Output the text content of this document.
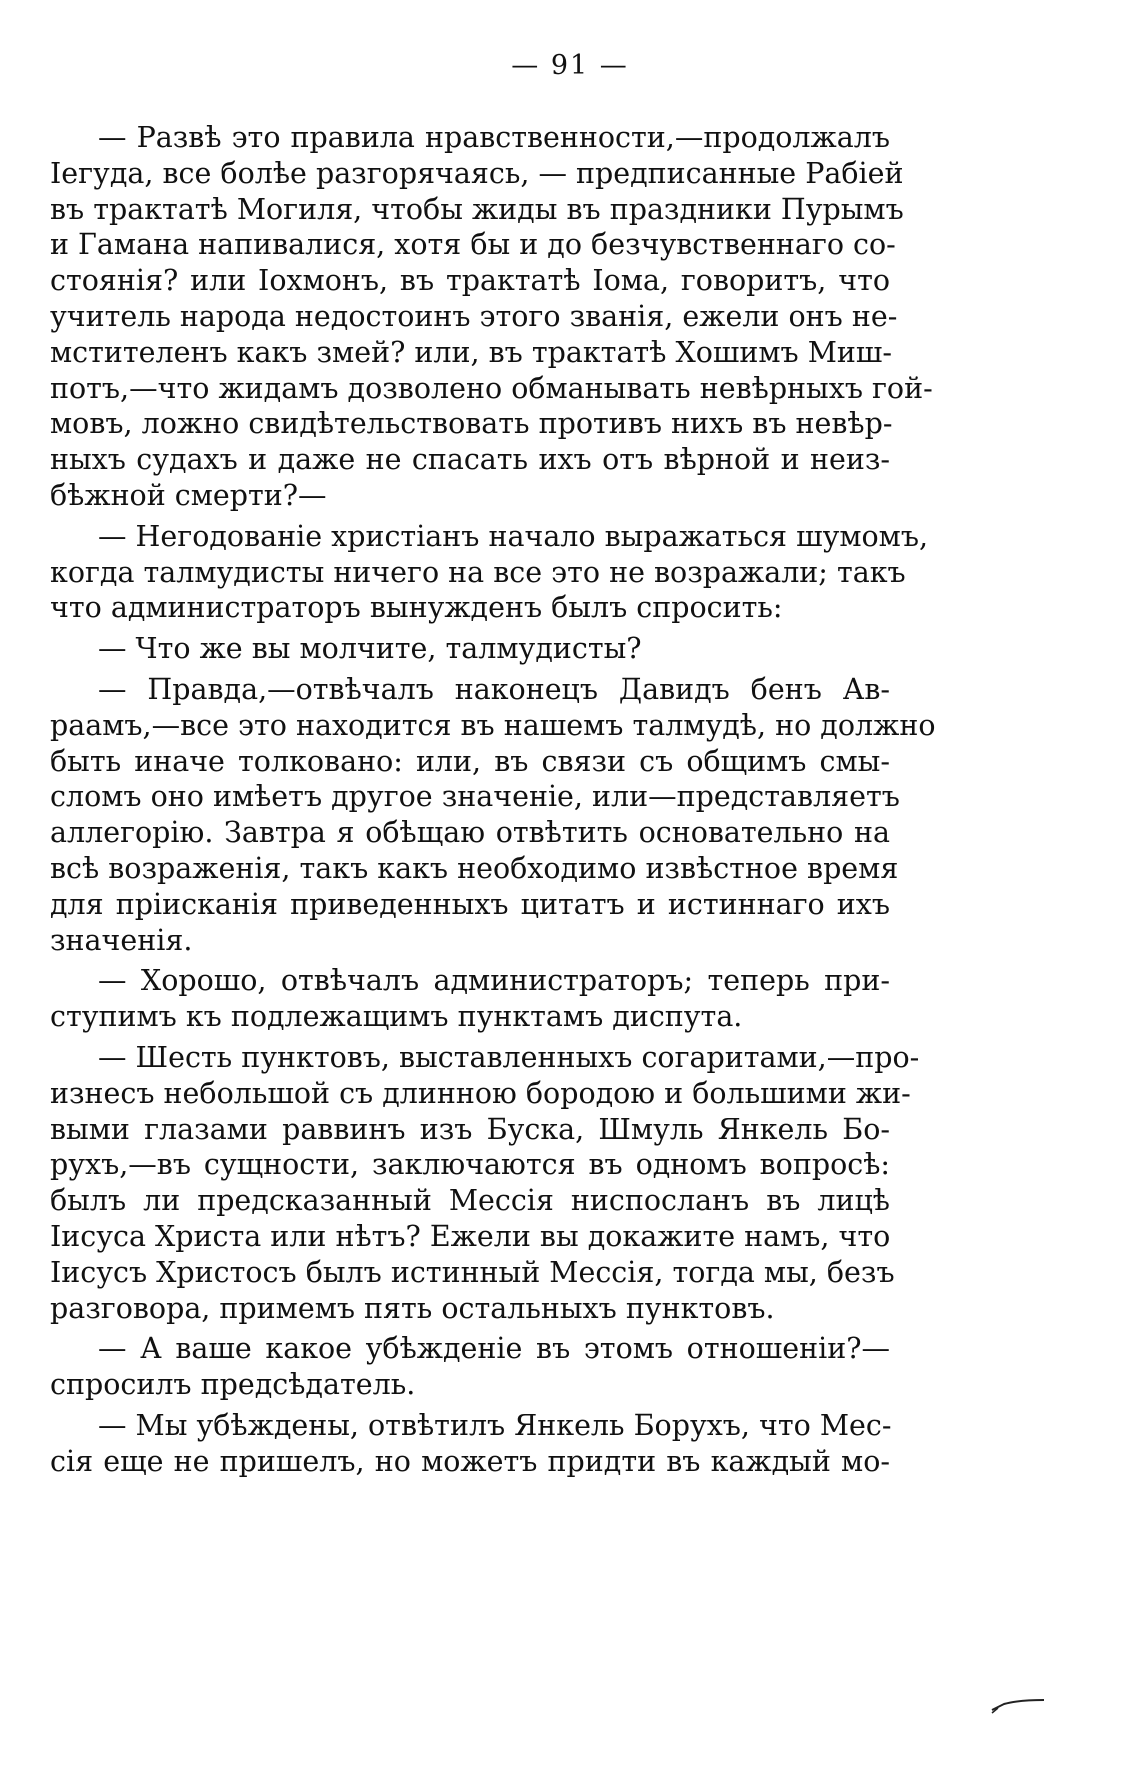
— 91 —
— Развѣ это правила нравственности,—продолжалъ
Іегуда, все болѣе разгорячаясь, — предписанные Рабіей
въ трактатѣ Могиля, чтобы жиды въ праздники Пурымъ
и Гамана напивалися, хотя бы и до безчувственнаго со-
стоянія? или Іохмонъ, въ трактатѣ Іома, говоритъ, что
учитель народа недостоинъ этого званія, ежели онъ не-
мстителенъ какъ змей? или, въ трактатѣ Хошимъ Миш-
потъ,—что жидамъ дозволено обманывать невѣрныхъ гой-
мовъ, ложно свидѣтельствовать противъ нихъ въ невѣр-
ныхъ судахъ и даже не спасать ихъ отъ вѣрной и неиз-
бѣжной смерти?—
— Негодованіе христіанъ начало выражаться шумомъ,
когда талмудисты ничего на все это не возражали; такъ
что администраторъ вынужденъ былъ спросить:
— Что же вы молчите, талмудисты?
— Правда,—отвѣчалъ наконецъ Давидъ бенъ Ав-
раамъ,—все это находится въ нашемъ талмудѣ, но должно
быть иначе толковано: или, въ связи съ общимъ смы-
сломъ оно имѣетъ другое значеніе, или—представляетъ
аллегорію. Завтра я обѣщаю отвѣтить основательно на
всѣ возраженія, такъ какъ необходимо извѣстное время
для пріисканія приведенныхъ цитатъ и истиннаго ихъ
значенія.
— Хорошо, отвѣчалъ администраторъ; теперь при-
ступимъ къ подлежащимъ пунктамъ диспута.
— Шесть пунктовъ, выставленныхъ согаритами,—про-
изнесъ небольшой съ длинною бородою и большими жи-
выми глазами раввинъ изъ Буска, Шмуль Янкель Бо-
рухъ,—въ сущности, заключаются въ одномъ вопросѣ:
былъ ли предсказанный Мессія ниспосланъ въ лицѣ
Іисуса Христа или нѣтъ? Ежели вы докажите намъ, что
Іисусъ Христосъ былъ истинный Мессія, тогда мы, безъ
разговора, примемъ пять остальныхъ пунктовъ.
— А ваше какое убѣжденіе въ этомъ отношеніи?—
спросилъ предсѣдатель.
— Мы убѣждены, отвѣтилъ Янкель Борухъ, что Мес-
сія еще не пришелъ, но можетъ придти въ каждый мо-
